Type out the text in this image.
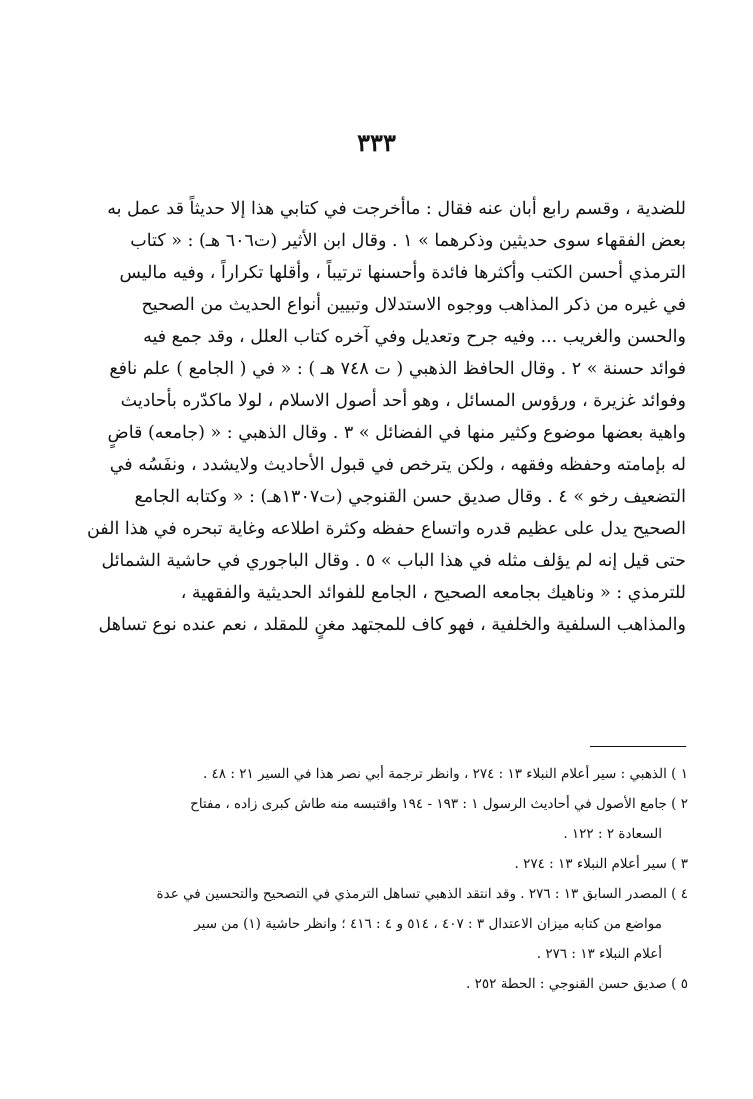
٣٣٣
للضدية ، وقسم رابع أبان عنه فقال : ماأخرجت في كتابي هذا إلا حديثاً قد عمل به
بعض الفقهاء سوى حديثين وذكرهما » ١ . وقال ابن الأثير (ت٦٠٦ هـ) : « كتاب
الترمذي أحسن الكتب وأكثرها فائدة وأحسنها ترتيباً ، وأقلها تكراراً ، وفيه ماليس
في غيره من ذكر المذاهب ووجوه الاستدلال وتبيين أنواع الحديث من الصحيح
والحسن والغريب ... وفيه جرح وتعديل وفي آخره كتاب العلل ، وقد جمع فيه
فوائد حسنة » ٢ . وقال الحافظ الذهبي ( ت ٧٤٨ هـ ) : « في ( الجامع ) علم نافع
وفوائد غزيرة ، ورؤوس المسائل ، وهو أحد أصول الاسلام ، لولا ماكدّره بأحاديث
واهية بعضها موضوع وكثير منها في الفضائل » ٣ . وقال الذهبي : « (جامعه) قاضٍ
له بإمامته وحفظه وفقهه ، ولكن يترخص في قبول الأحاديث ولايشدد ، ونفَسُه في
التضعيف رخو » ٤ . وقال صديق حسن القنوجي (ت١٣٠٧هـ) : « وكتابه الجامع
الصحيح يدل على عظيم قدره واتساع حفظه وكثرة اطلاعه وغاية تبحره في هذا الفن
حتى قيل إنه لم يؤلف مثله في هذا الباب » ٥ . وقال الباجوري في حاشية الشمائل
للترمذي : « وناهيك بجامعه الصحيح ، الجامع للفوائد الحديثية والفقهية ،
والمذاهب السلفية والخلفية ، فهو كاف للمجتهد مغنٍ للمقلد ، نعم عنده نوع تساهل
١ ) الذهبي : سير أعلام النبلاء ١٣ : ٢٧٤ ، وانظر ترجمة أبي نصر هذا في السير ٢١ : ٤٨ .
٢ ) جامع الأصول في أحاديث الرسول ١ : ١٩٣ - ١٩٤ واقتبسه منه طاش كبرى زاده ، مفتاح
السعادة ٢ : ١٢٢ .
٣ ) سير أعلام النبلاء ١٣ : ٢٧٤ .
٤ ) المصدر السابق ١٣ : ٢٧٦ . وقد انتقد الذهبي تساهل الترمذي في التصحيح والتحسين في عدة
مواضع من كتابه ميزان الاعتدال ٣ : ٤٠٧ ، ٥١٤ و ٤ : ٤١٦ ؛ وانظر حاشية (١) من سير
أعلام النبلاء ١٣ : ٢٧٦ .
٥ ) صديق حسن القنوجي : الحطة ٢٥٢ .
